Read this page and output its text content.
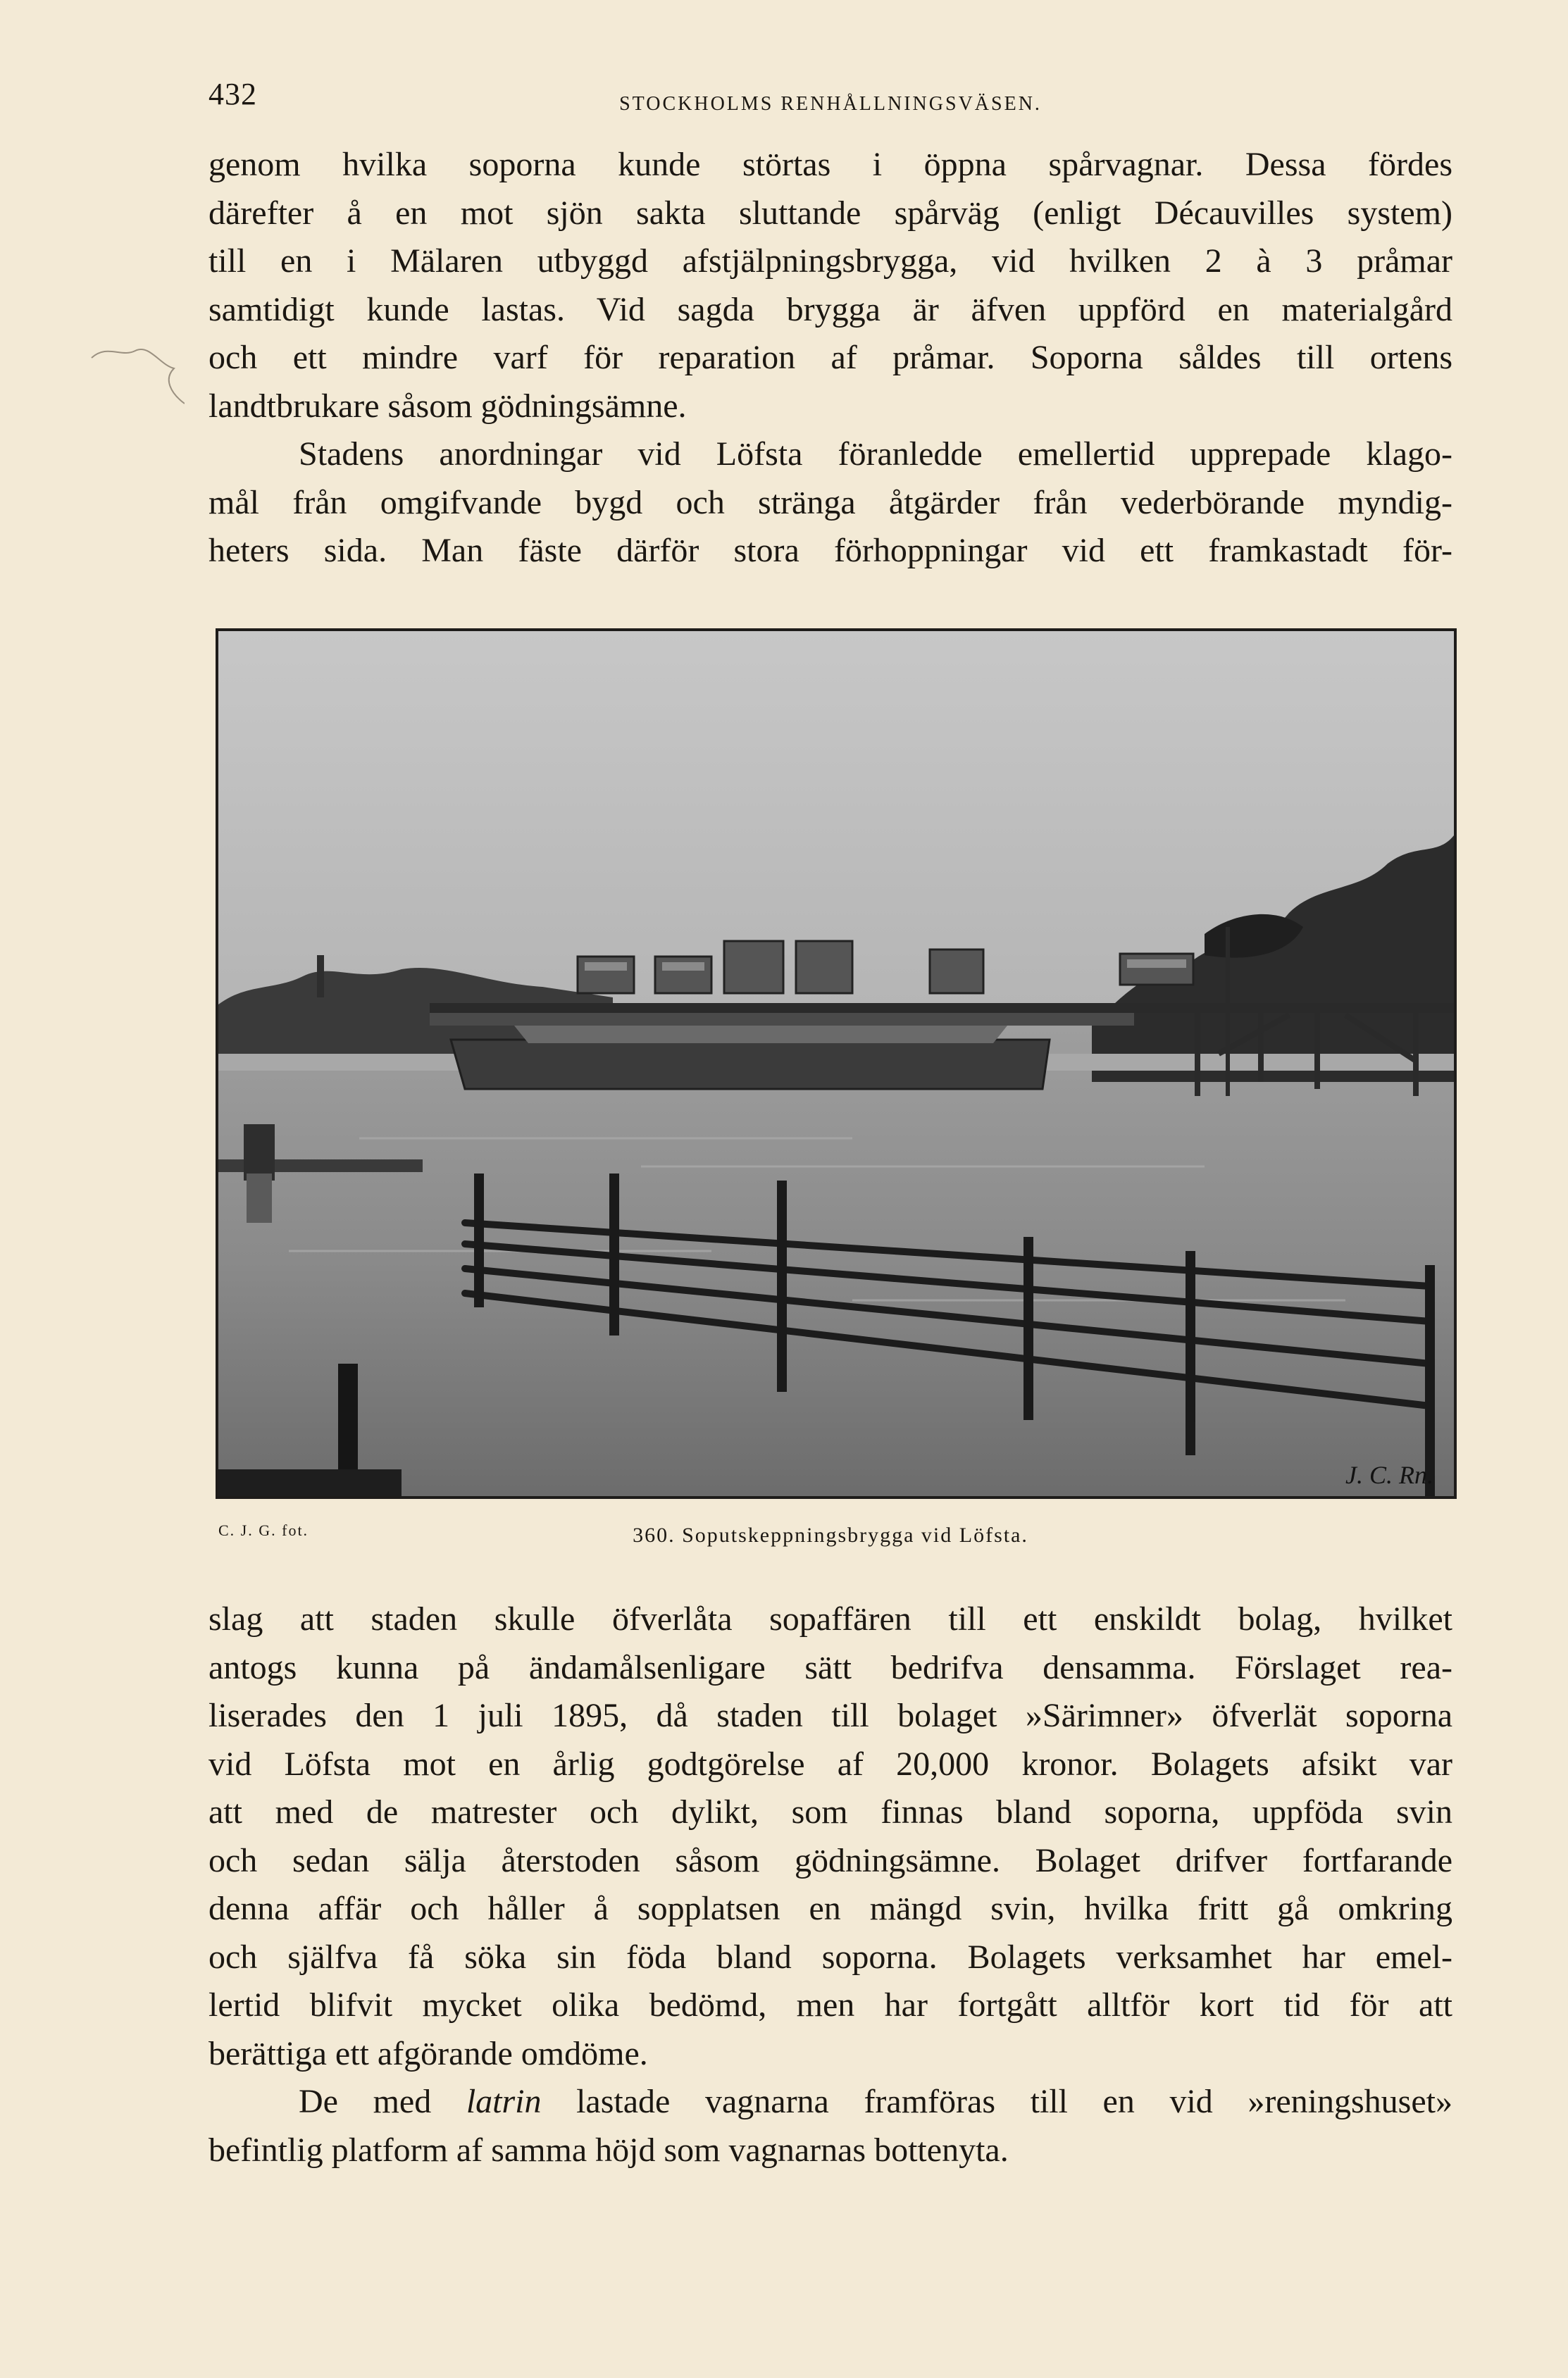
432	STOCKHOLMS RENHÅLLNINGSVÄSEN.

genom hvilka soporna kunde störtas i öppna spårvagnar. Dessa fördes

därefter å en mot sjön sakta sluttande spårväg (enligt Décauvilles system)

till en i Mälaren utbyggd afstjälpningsbrygga, vid hvilken 2 à 3 pråmar

samtidigt kunde lastas. Vid sagda brygga är äfven uppförd en materialgård

och ett mindre varf för reparation af pråmar. Soporna såldes till ortens

landtbrukare såsom gödningsämne.

Stadens anordningar vid Löfsta föranledde emellertid upprepade klago-

mål från omgifvande bygd och stränga åtgärder från vederbörande myndig-

heters sida. Man fäste därför stora förhoppningar vid ett framkastadt för-

J. C. Rn.
C. J. G. fot.	360. Soputskeppningsbrygga vid Löfsta.

slag att staden skulle öfverlåta sopaffären till ett enskildt bolag, hvilket

antogs kunna på ändamålsenligare sätt bedrifva densamma. Förslaget rea-

liserades den 1 juli 1895, då staden till bolaget »Särimner» öfverlät soporna

vid Löfsta mot en årlig godtgörelse af 20,000 kronor. Bolagets afsikt var

att med de matrester och dylikt, som finnas bland soporna, uppföda svin

och sedan sälja återstoden såsom gödningsämne. Bolaget drifver fortfarande

denna affär och håller å sopplatsen en mängd svin, hvilka fritt gå omkring

och själfva få söka sin föda bland soporna. Bolagets verksamhet har emel-

lertid blifvit mycket olika bedömd, men har fortgått alltför kort tid för att

berättiga ett afgörande omdöme.

De med latrin lastade vagnarna framföras till en vid »reningshuset»

befintlig platform af samma höjd som vagnarnas bottenyta.
